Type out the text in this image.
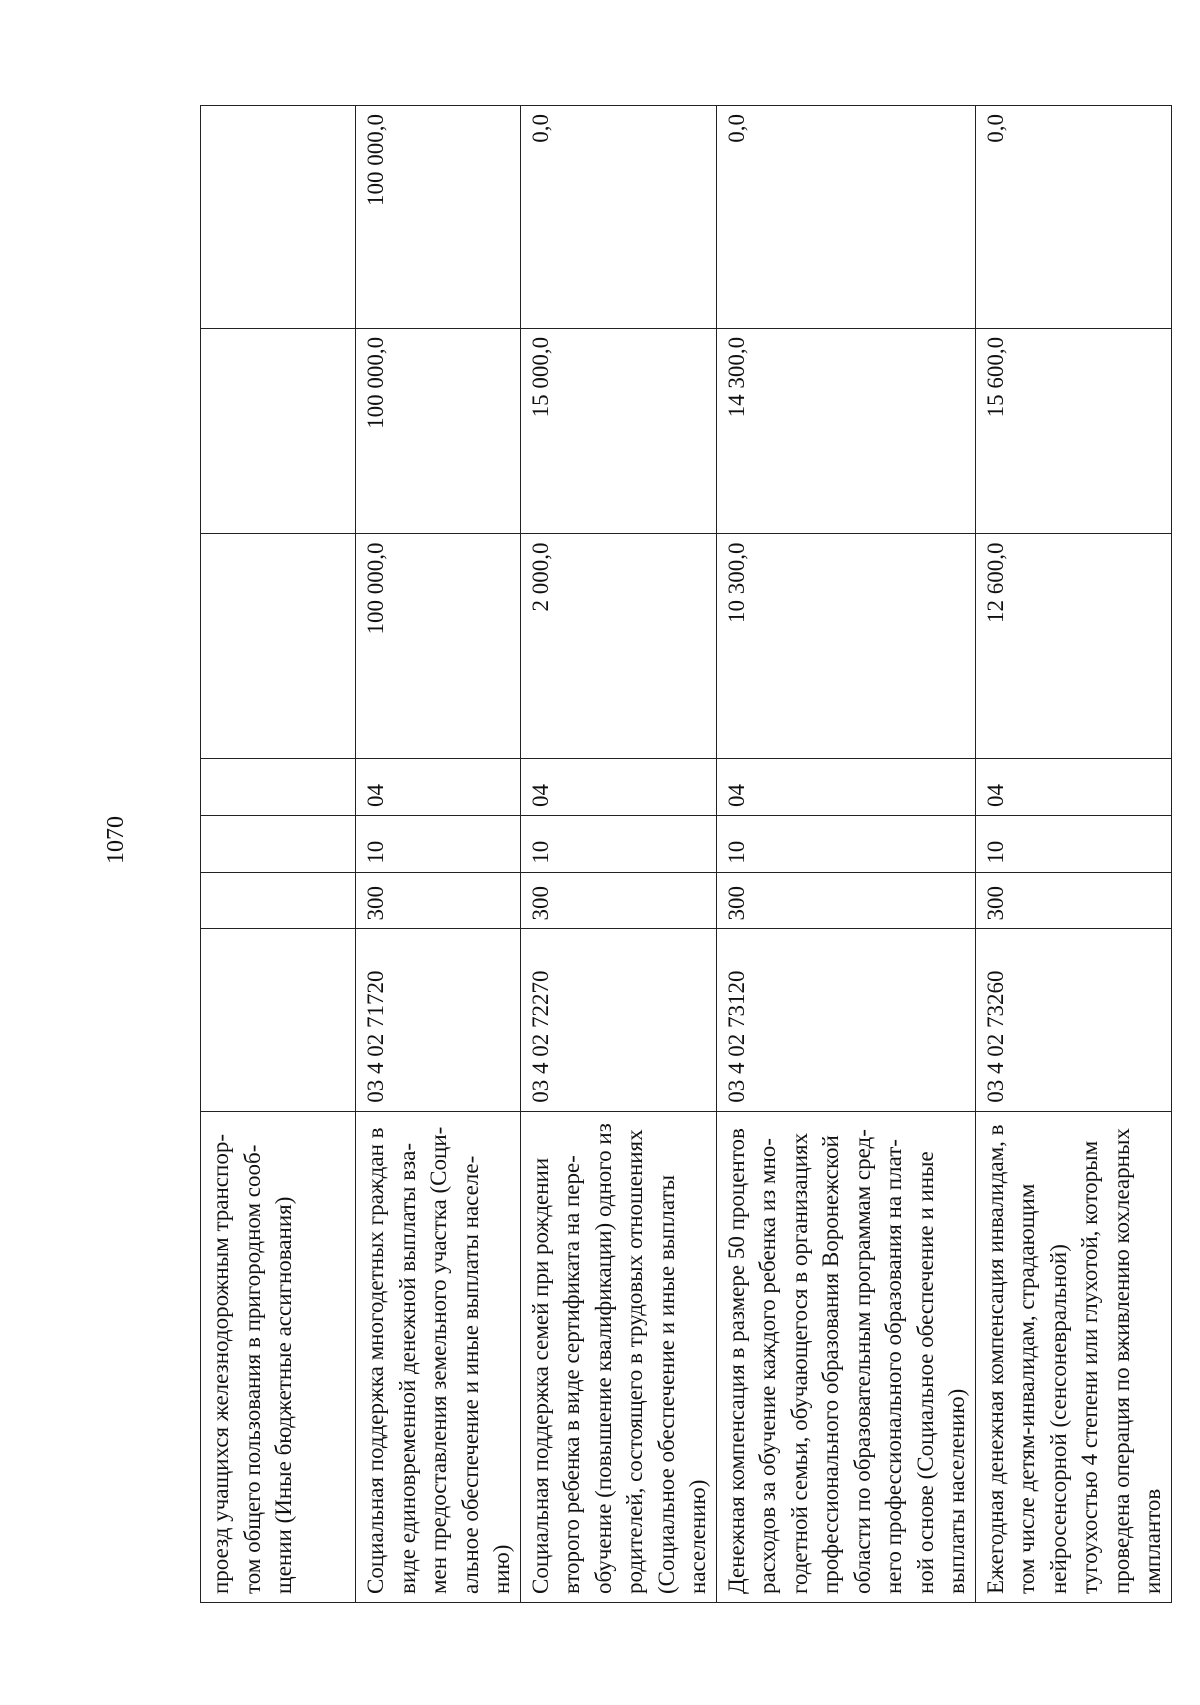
1070
проезд учащихся железнодорожным транспор-том общего пользования в пригородном сооб-щении (Иные бюджетные ассигнования)							
Социальная поддержка многодетных граждан в виде единовременной денежной выплаты вза-мен предоставления земельного участка (Соци-альное обеспечение и иные выплаты населе-нию)	03 4 02 71720	300	10	04	100 000,0	100 000,0	100 000,0
Социальная поддержка семей при рождении второго ребенка в виде сертификата на пере-обучение (повышение квалификации) одного из родителей, состоящего в трудовых отношениях (Социальное обеспечение и иные выплаты населению)	03 4 02 72270	300	10	04	2 000,0	15 000,0	0,0
Денежная компенсация в размере 50 процентов расходов за обучение каждого ребенка из мно-годетной семьи, обучающегося в организациях профессионального образования Воронежской области по образовательным программам сред-него профессионального образования на плат-ной основе (Социальное обеспечение и иные выплаты населению)	03 4 02 73120	300	10	04	10 300,0	14 300,0	0,0
Ежегодная денежная компенсация инвалидам, в том числе детям-инвалидам, страдающим нейросенсорной (сенсоневральной) тугоухостью 4 степени или глухотой, которым проведена операция по вживлению кохлеарных имплантов	03 4 02 73260	300	10	04	12 600,0	15 600,0	0,0
